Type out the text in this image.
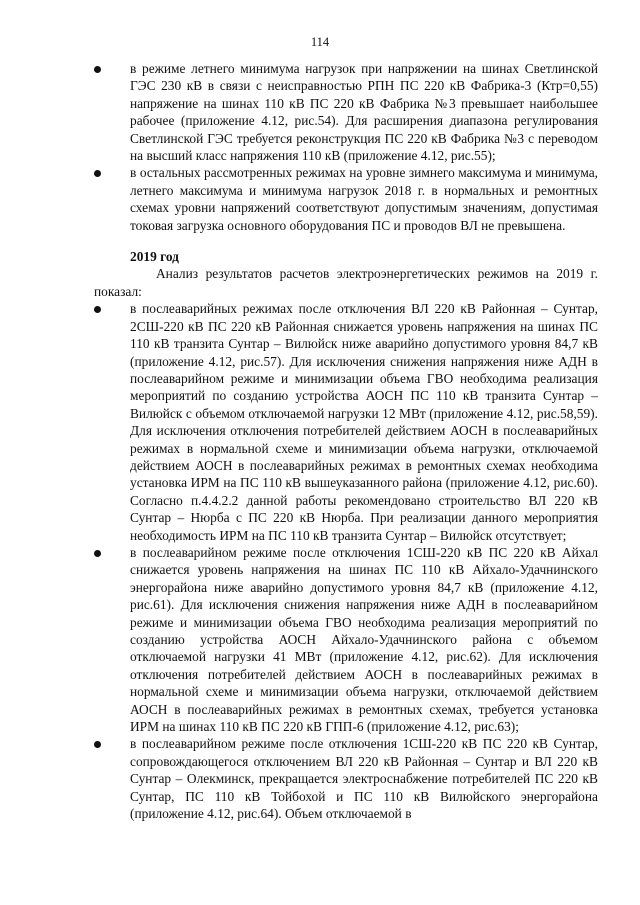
114
в режиме летнего минимума нагрузок при напряжении на шинах Светлинской ГЭС 230 кВ в связи с неисправностью РПН ПС 220 кВ Фабрика-3 (Ктр=0,55) напряжение на шинах 110 кВ ПС 220 кВ Фабрика №3 превышает наибольшее рабочее (приложение 4.12, рис.54). Для расширения диапазона регулирования Светлинской ГЭС требуется реконструкция ПС 220 кВ Фабрика №3 с переводом на высший класс напряжения 110 кВ (приложение 4.12, рис.55);
в остальных рассмотренных режимах на уровне зимнего максимума и минимума, летнего максимума и минимума нагрузок 2018 г. в нормальных и ремонтных схемах уровни напряжений соответствуют допустимым значениям, допустимая токовая загрузка основного оборудования ПС и проводов ВЛ не превышена.
2019 год

Анализ результатов расчетов электроэнергетических режимов на 2019 г. показал:

в послеаварийных режимах после отключения ВЛ 220 кВ Районная – Сунтар, 2СШ-220 кВ ПС 220 кВ Районная снижается уровень напряжения на шинах ПС 110 кВ транзита Сунтар – Вилюйск ниже аварийно допустимого уровня 84,7 кВ (приложение 4.12, рис.57). Для исключения снижения напряжения ниже АДН в послеаварийном режиме и минимизации объема ГВО необходима реализация мероприятий по созданию устройства АОСН ПС 110 кВ транзита Сунтар – Вилюйск с объемом отключаемой нагрузки 12 МВт (приложение 4.12, рис.58,59). Для исключения отключения потребителей действием АОСН в послеаварийных режимах в нормальной схеме и минимизации объема нагрузки, отключаемой действием АОСН в послеаварийных режимах в ремонтных схемах необходима установка ИРМ на ПС 110 кВ вышеуказанного района (приложение 4.12, рис.60). Согласно п.4.4.2.2 данной работы рекомендовано строительство ВЛ 220 кВ Сунтар – Нюрба с ПС 220 кВ Нюрба. При реализации данного мероприятия необходимость ИРМ на ПС 110 кВ транзита Сунтар – Вилюйск отсутствует;
в послеаварийном режиме после отключения 1СШ-220 кВ ПС 220 кВ Айхал снижается уровень напряжения на шинах ПС 110 кВ Айхало-Удачнинского энергорайона ниже аварийно допустимого уровня 84,7 кВ (приложение 4.12, рис.61). Для исключения снижения напряжения ниже АДН в послеаварийном режиме и минимизации объема ГВО необходима реализация мероприятий по созданию устройства АОСН Айхало-Удачнинского района с объемом отключаемой нагрузки 41 МВт (приложение 4.12, рис.62). Для исключения отключения потребителей действием АОСН в послеаварийных режимах в нормальной схеме и минимизации объема нагрузки, отключаемой действием АОСН в послеаварийных режимах в ремонтных схемах, требуется установка ИРМ на шинах 110 кВ ПС 220 кВ ГПП-6 (приложение 4.12, рис.63);
в послеаварийном режиме после отключения 1СШ-220 кВ ПС 220 кВ Сунтар, сопровождающегося отключением ВЛ 220 кВ Районная – Сунтар и ВЛ 220 кВ Сунтар – Олекминск, прекращается электроснабжение потребителей ПС 220 кВ Сунтар, ПС 110 кВ Тойбохой и ПС 110 кВ Вилюйского энергорайона (приложение 4.12, рис.64). Объем отключаемой в
